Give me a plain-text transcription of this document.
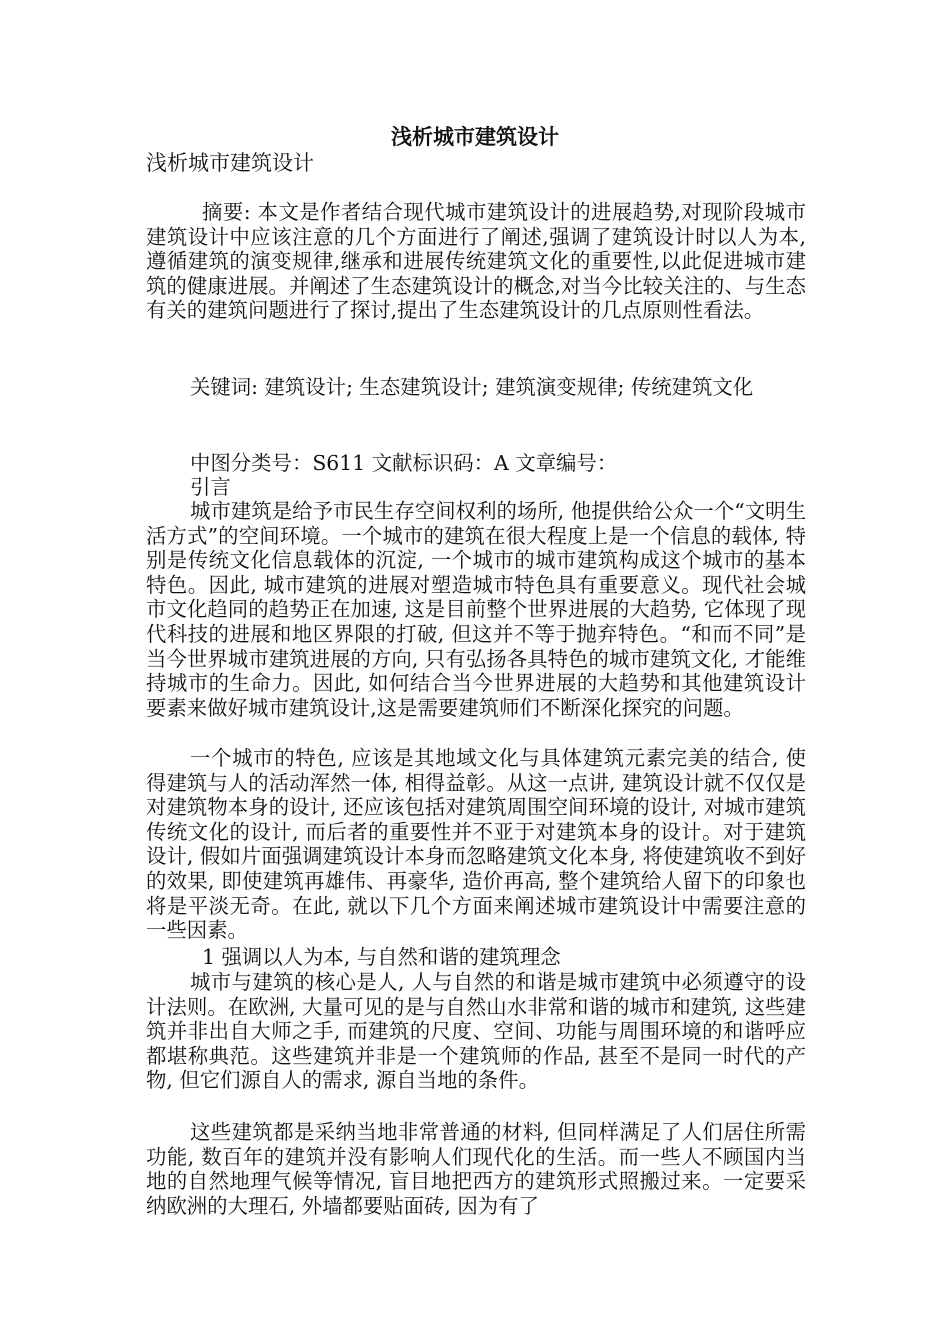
浅析城市建筑设计

浅析城市建筑设计

摘要: 本文是作者结合现代城市建筑设计的进展趋势,对现阶段城市建筑设计中应该注意的几个方面进行了阐述,强调了建筑设计时以人为本,遵循建筑的演变规律,继承和进展传统建筑文化的重要性,以此促进城市建筑的健康进展。并阐述了生态建筑设计的概念,对当今比较关注的、与生态有关的建筑问题进行了探讨,提出了生态建筑设计的几点原则性看法。

关键词: 建筑设计; 生态建筑设计; 建筑演变规律; 传统建筑文化

中图分类号：S611 文献标识码：A 文章编号：

引言

城市建筑是给予市民生存空间权利的场所, 他提供给公众一个“文明生活方式”的空间环境。一个城市的建筑在很大程度上是一个信息的载体, 特别是传统文化信息载体的沉淀, 一个城市的城市建筑构成这个城市的基本特色。因此, 城市建筑的进展对塑造城市特色具有重要意义。现代社会城市文化趋同的趋势正在加速, 这是目前整个世界进展的大趋势, 它体现了现代科技的进展和地区界限的打破, 但这并不等于抛弃特色。“和而不同”是当今世界城市建筑进展的方向, 只有弘扬各具特色的城市建筑文化, 才能维持城市的生命力。因此, 如何结合当今世界进展的大趋势和其他建筑设计要素来做好城市建筑设计,这是需要建筑师们不断深化探究的问题。

一个城市的特色, 应该是其地域文化与具体建筑元素完美的结合, 使得建筑与人的活动浑然一体, 相得益彰。从这一点讲, 建筑设计就不仅仅是对建筑物本身的设计, 还应该包括对建筑周围空间环境的设计, 对城市建筑传统文化的设计, 而后者的重要性并不亚于对建筑本身的设计。对于建筑设计, 假如片面强调建筑设计本身而忽略建筑文化本身, 将使建筑收不到好的效果, 即使建筑再雄伟、再豪华, 造价再高, 整个建筑给人留下的印象也将是平淡无奇。在此, 就以下几个方面来阐述城市建筑设计中需要注意的一些因素。

1 强调以人为本, 与自然和谐的建筑理念

城市与建筑的核心是人, 人与自然的和谐是城市建筑中必须遵守的设计法则。在欧洲, 大量可见的是与自然山水非常和谐的城市和建筑, 这些建筑并非出自大师之手, 而建筑的尺度、空间、功能与周围环境的和谐呼应都堪称典范。这些建筑并非是一个建筑师的作品, 甚至不是同一时代的产物, 但它们源自人的需求, 源自当地的条件。

这些建筑都是采纳当地非常普通的材料, 但同样满足了人们居住所需功能, 数百年的建筑并没有影响人们现代化的生活。而一些人不顾国内当地的自然地理气候等情况, 盲目地把西方的建筑形式照搬过来。一定要采纳欧洲的大理石, 外墙都要贴面砖, 因为有了
